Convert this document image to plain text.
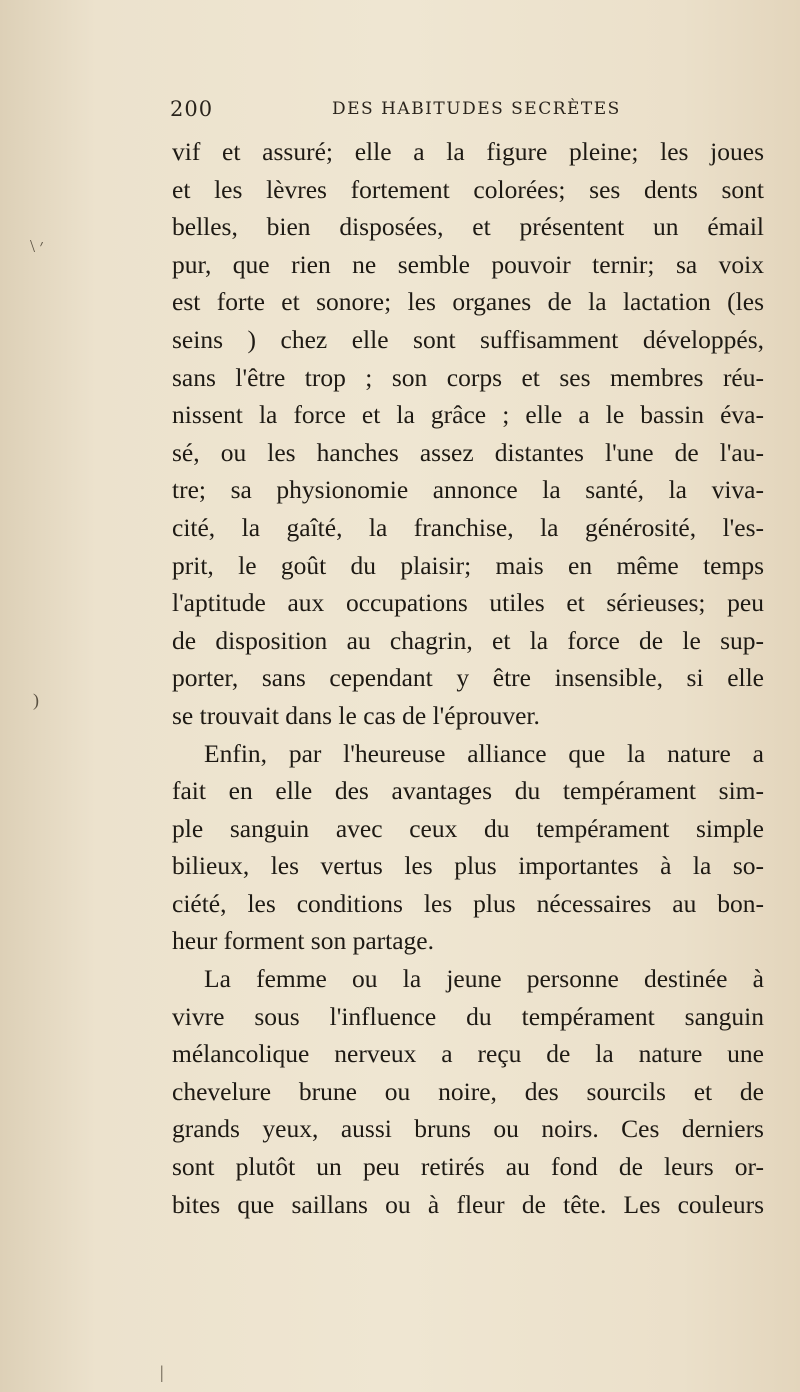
\ ׳
)
|
200	DES HABITUDES SECRÈTES
vif et assuré; elle a la figure pleine; les joues
et les lèvres fortement colorées; ses dents sont
belles, bien disposées, et présentent un émail
pur, que rien ne semble pouvoir ternir; sa voix
est forte et sonore; les organes de la lactation (les
seins ) chez elle sont suffisamment développés,
sans l'être trop ; son corps et ses membres réu-
nissent la force et la grâce ; elle a le bassin éva-
sé, ou les hanches assez distantes l'une de l'au-
tre; sa physionomie annonce la santé, la viva-
cité, la gaîté, la franchise, la générosité, l'es-
prit, le goût du plaisir; mais en même temps
l'aptitude aux occupations utiles et sérieuses; peu
de disposition au chagrin, et la force de le sup-
porter, sans cependant y être insensible, si elle
se trouvait dans le cas de l'éprouver.
Enfin, par l'heureuse alliance que la nature a
fait en elle des avantages du tempérament sim-
ple sanguin avec ceux du tempérament simple
bilieux, les vertus les plus importantes à la so-
ciété, les conditions les plus nécessaires au bon-
heur forment son partage.
La femme ou la jeune personne destinée à
vivre sous l'influence du tempérament sanguin
mélancolique nerveux a reçu de la nature une
chevelure brune ou noire, des sourcils et de
grands yeux, aussi bruns ou noirs. Ces derniers
sont plutôt un peu retirés au fond de leurs or-
bites que saillans ou à fleur de tête. Les couleurs
